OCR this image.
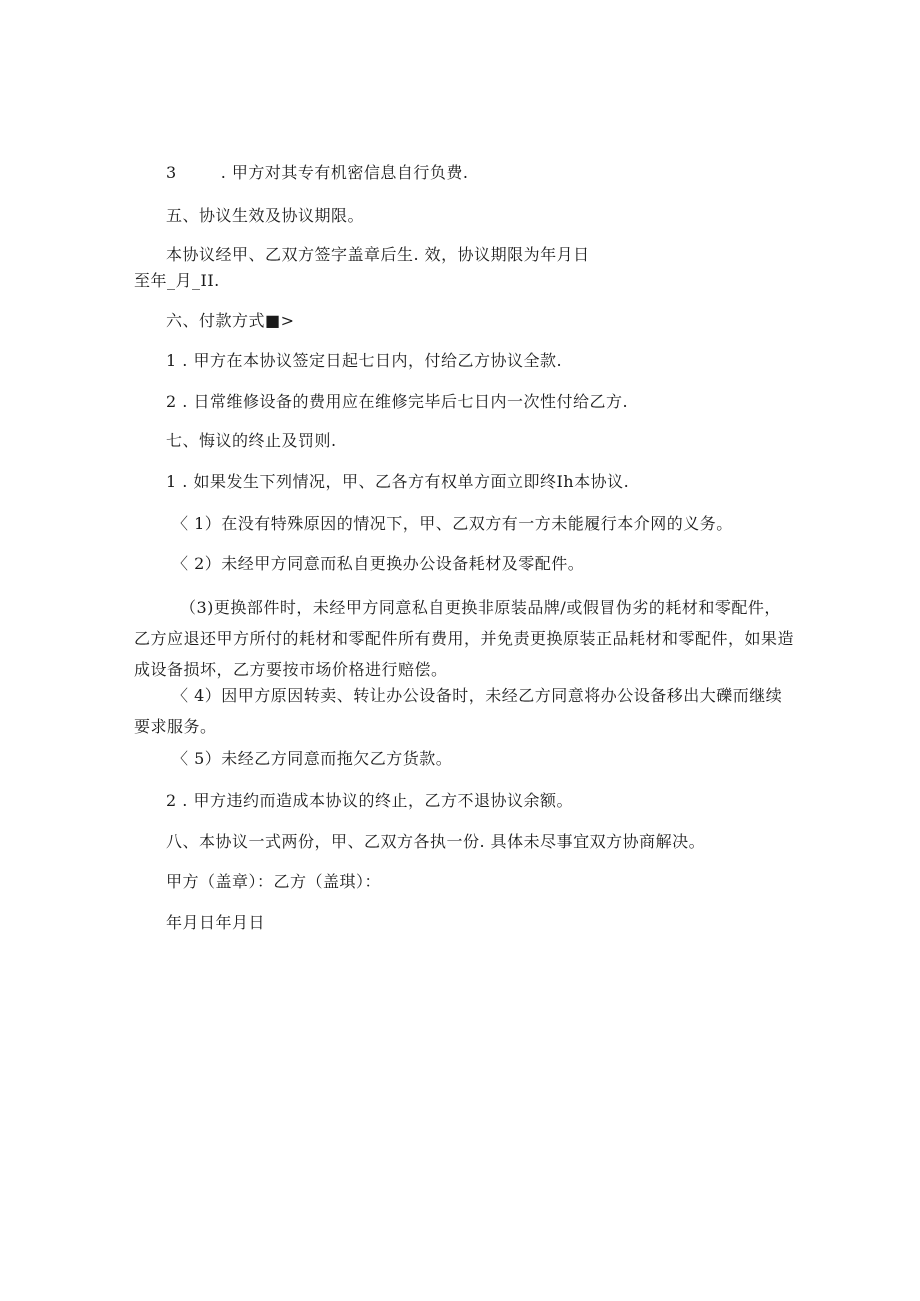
3	. 甲方对其专有机密信息自行负费.
五、协议生效及协议期限。
本协议经甲、乙双方签字盖章后生. 效，协议期限为年月日
至年_月_II.
六、付款方式■>
1 . 甲方在本协议签定日起七日内，付给乙方协议全款.
2 . 日常维修设备的费用应在维修完毕后七日内一次性付给乙方.
七、悔议的终止及罚则.
1 . 如果发生下列情况，甲、乙各方有权单方面立即终Ih本协议.
〈 1）在没有特殊原因的情况下，甲、乙双方有一方未能履行本介网的义务。
〈 2）未经甲方同意而私自更换办公设备耗材及零配件。
（3)更换部件时，未经甲方同意私自更换非原装品牌/或假冒伪劣的耗材和零配件，乙方应退还甲方所付的耗材和零配件所有费用，并免责更换原装正品耗材和零配件，如果造成设备损坏，乙方要按市场价格进行赔偿。
〈 4）因甲方原因转卖、转让办公设备时，未经乙方同意将办公设备移出大礫而继续要求服务。
〈 5）未经乙方同意而拖欠乙方货款。
2 . 甲方违约而造成本协议的终止，乙方不退协议余额。
八、本协议一式两份，甲、乙双方各执一份. 具体未尽事宜双方协商解决。
甲方（盖章）：乙方（盖琪）：
年月日年月日
